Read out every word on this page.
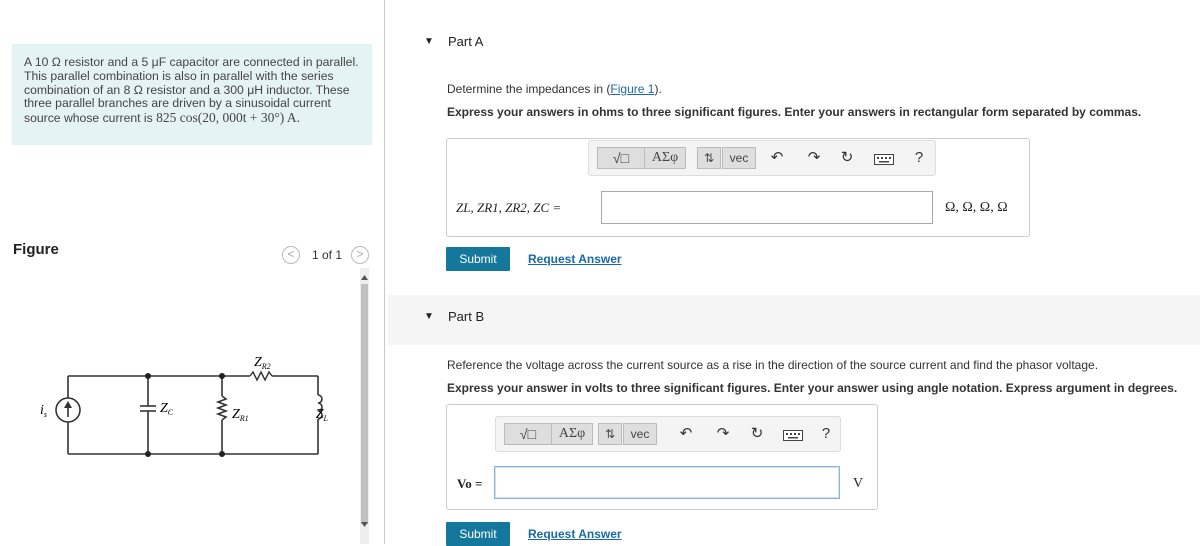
A 10 Ω resistor and a 5 μF capacitor are connected in parallel.
This parallel combination is also in parallel with the series
combination of an 8 Ω resistor and a 300 μH inductor. These
three parallel branches are driven by a sinusoidal current
source whose current is 825 cos(20, 000t + 30°) A.
Figure	<	1 of 1	>
$i_s$	$Z_C$	$Z_{R1}$
$Z_{R2}$
$Z_L$
▼ Part A
Determine the impedances in (Figure 1).
Express your answers in ohms to three significant figures. Enter your answers in rectangular form separated by commas.
√□	ΑΣφ	⇅	vec	↶ ↷ ↻	?
ZL, ZR1, ZR2, ZC =	Ω, Ω, Ω, Ω
Submit	Request Answer
▼ Part B
Reference the voltage across the current source as a rise in the direction of the source current and find the phasor voltage.
Express your answer in volts to three significant figures. Enter your answer using angle notation. Express argument in degrees.
√□	ΑΣφ	⇅	vec	↶ ↷ ↻	?
Vo =	V
Submit	Request Answer
